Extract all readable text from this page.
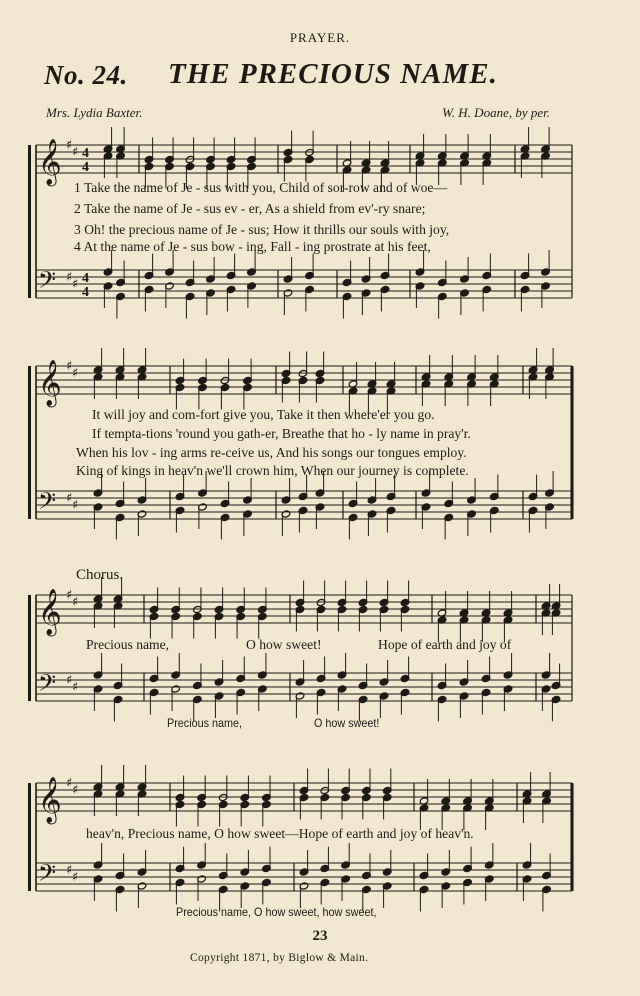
𝄞
𝄢
♯ ♯
♯ ♯
4
4
4
4
𝄞
𝄢
♯ ♯
♯ ♯
𝄞
𝄢
♯ ♯
♯ ♯
𝄞
𝄢
♯ ♯
♯ ♯
PRAYER.
No. 24. THE PRECIOUS NAME.
Mrs. Lydia Baxter.	W. H. Doane, by per.
1 Take the name of Je - sus with you, Child of sor-row and of woe—
2 Take the name of Je - sus ev - er, As a shield from ev'-ry snare;
3 Oh! the precious name of Je - sus; How it thrills our souls with joy,
4 At the name of Je - sus bow - ing, Fall - ing prostrate at his feet,
It will joy and com-fort give you, Take it then where'er you go.
If tempta-tions 'round you gath-er, Breathe that ho - ly name in pray'r.
When his lov - ing arms re-ceive us, And his songs our tongues employ.
King of kings in heav'n we'll crown him, When our journey is complete.
Chorus.
Precious name,	O how sweet!	Hope of earth and joy of
Precious name,	O how sweet!
heav'n, Precious name, O how sweet—Hope of earth and joy of heav'n.
Precious name, O how sweet, how sweet,
23
Copyright 1871, by Biglow & Main.
